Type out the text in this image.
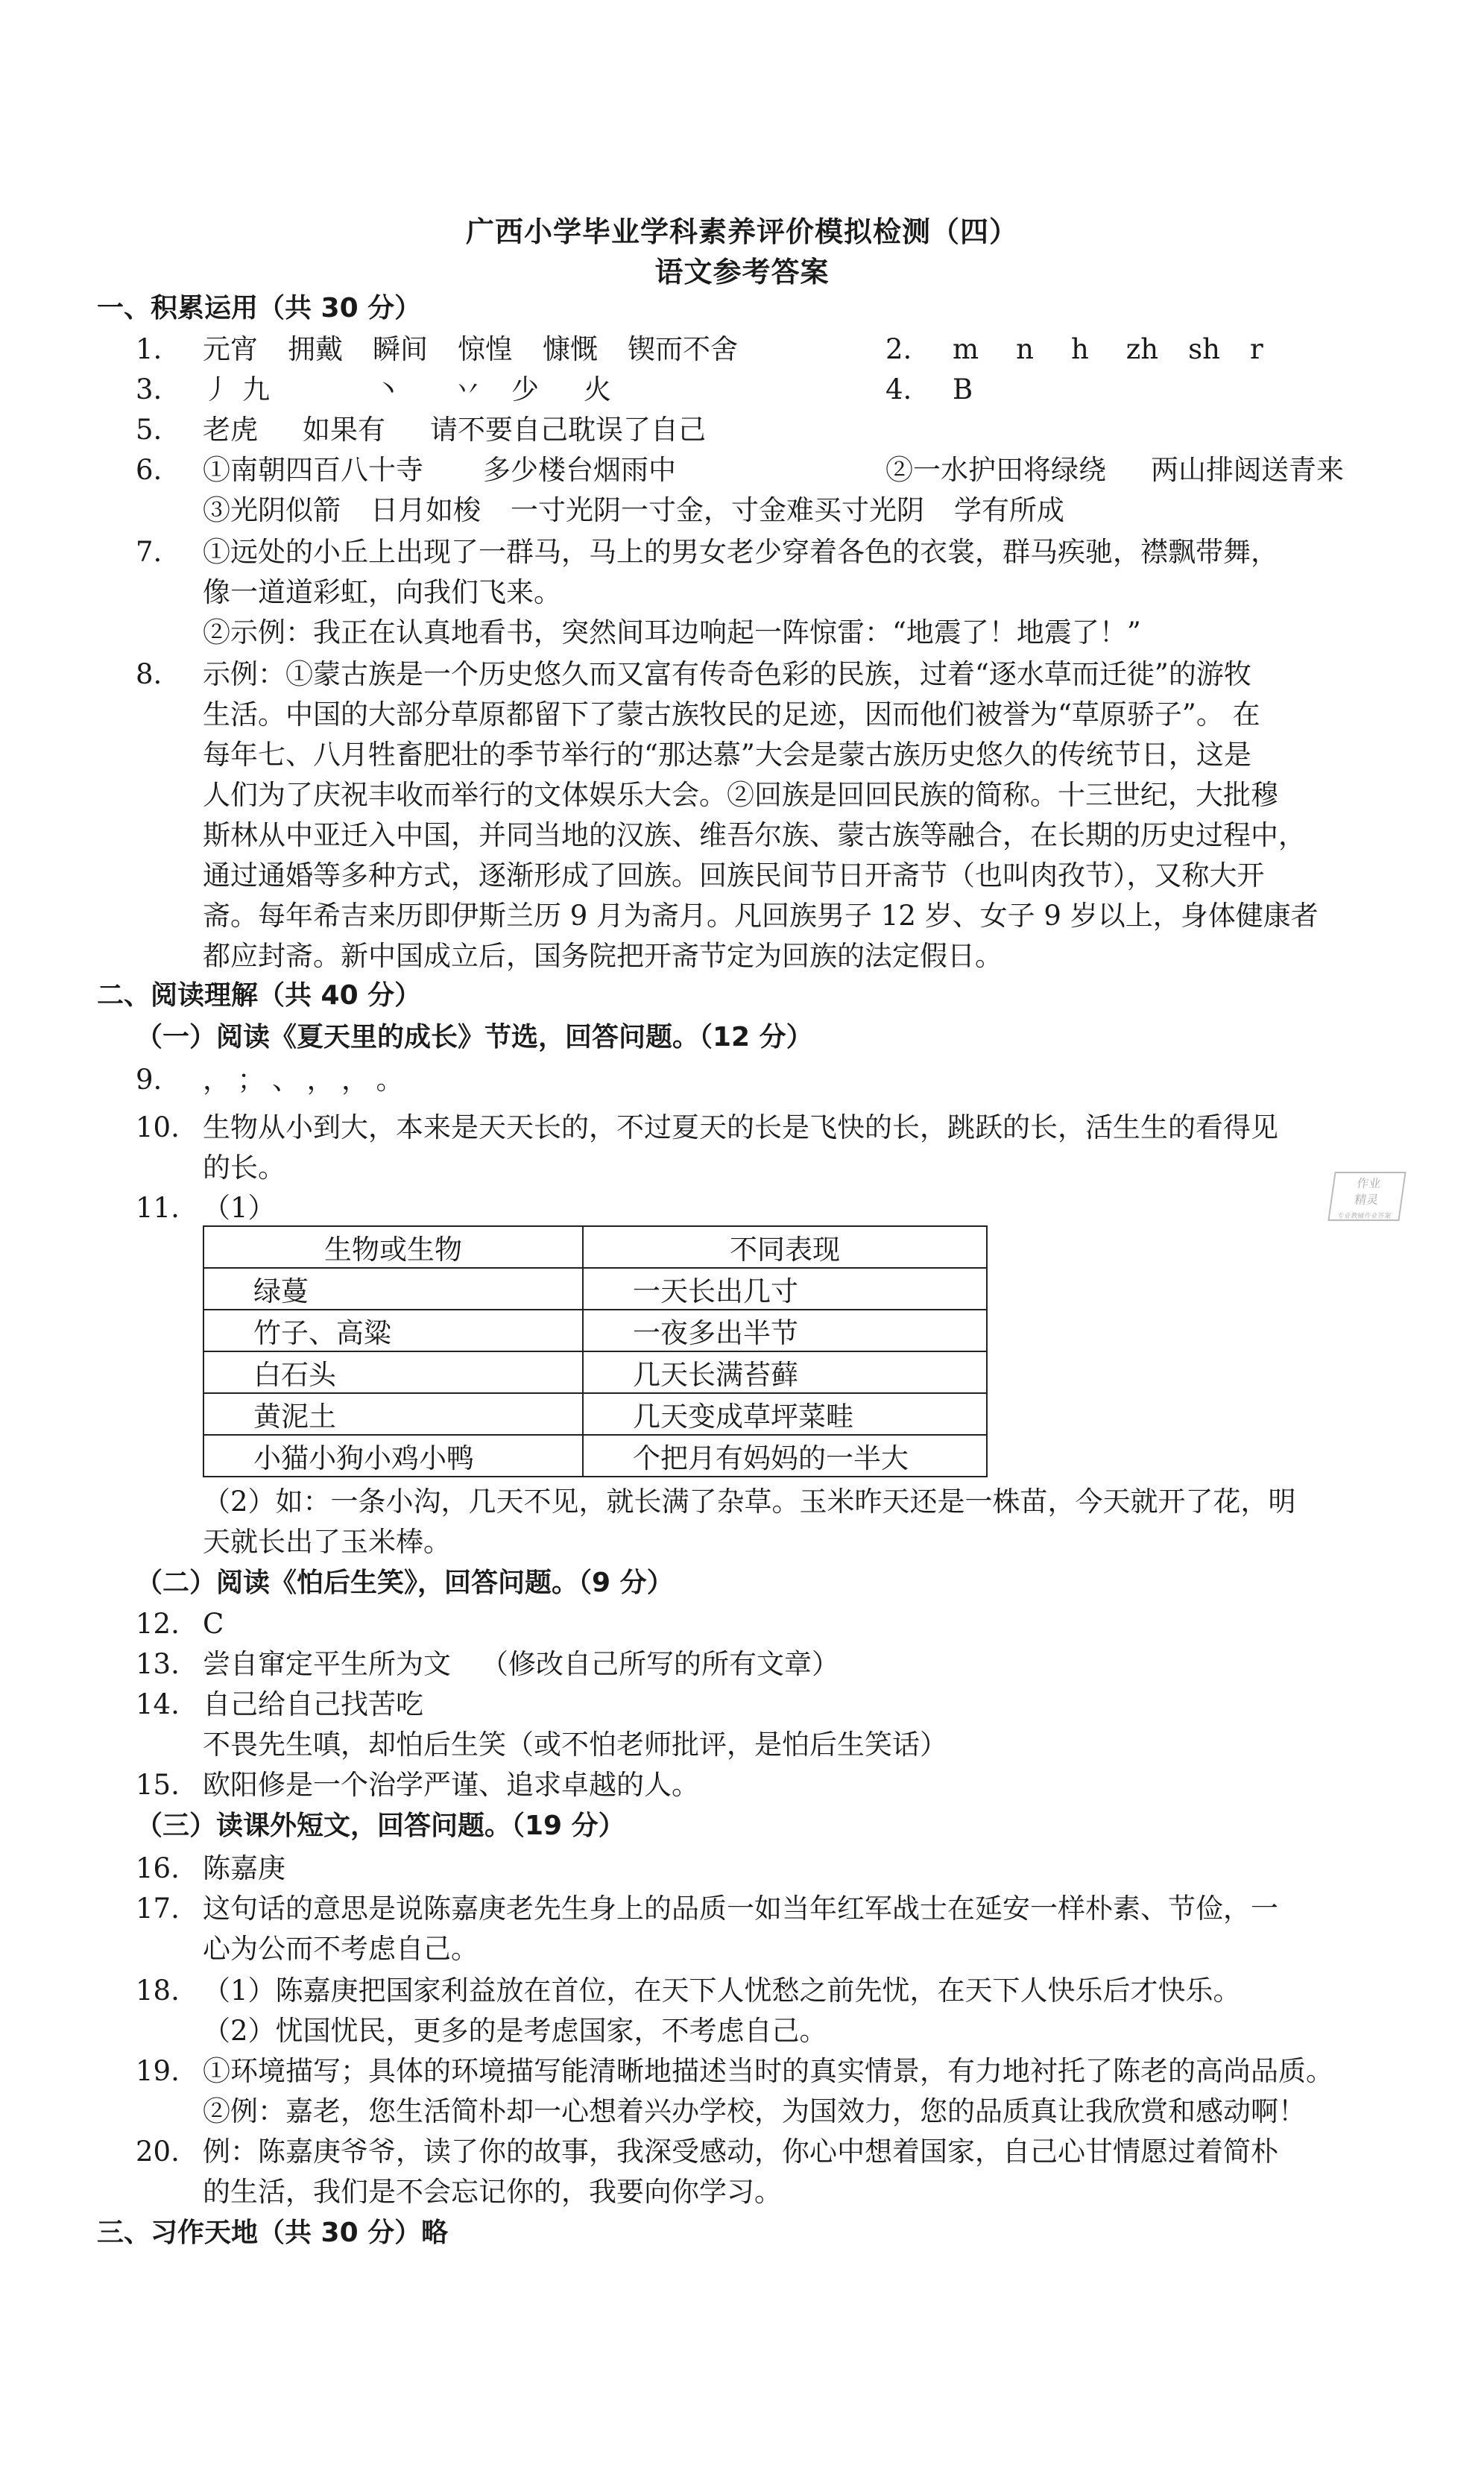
广西小学毕业学科素养评价模拟检测（四）
语文参考答案
一、积累运用（共 30 分）
1. 元宵 拥戴 瞬间 惊惶 慷慨 锲而不舍	2. m n h zh sh r
3. 丿 九	丶 丷 少 火	4. B
5. 老虎 如果有 请不要自己耽误了自己
6. ①南朝四百八十寺 多少楼台烟雨中	②一水护田将绿绕 两山排闼送青来
③光阴似箭 日月如梭 一寸光阴一寸金，寸金难买寸光阴 学有所成
7. ①远处的小丘上出现了一群马，马上的男女老少穿着各色的衣裳，群马疾驰，襟飘带舞，
像一道道彩虹，向我们飞来。
②示例：我正在认真地看书，突然间耳边响起一阵惊雷：“地震了！地震了！”
8. 示例：①蒙古族是一个历史悠久而又富有传奇色彩的民族，过着“逐水草而迁徙”的游牧
生活。中国的大部分草原都留下了蒙古族牧民的足迹，因而他们被誉为“草原骄子”。 在
每年七、八月牲畜肥壮的季节举行的“那达慕”大会是蒙古族历史悠久的传统节日，这是
人们为了庆祝丰收而举行的文体娱乐大会。②回族是回回民族的简称。十三世纪，大批穆
斯林从中亚迁入中国，并同当地的汉族、维吾尔族、蒙古族等融合，在长期的历史过程中，
通过通婚等多种方式，逐渐形成了回族。回族民间节日开斋节（也叫肉孜节），又称大开
斋。每年希吉来历即伊斯兰历 9 月为斋月。凡回族男子 12 岁、女子 9 岁以上，身体健康者
都应封斋。新中国成立后，国务院把开斋节定为回族的法定假日。
二、阅读理解（共 40 分）
（一）阅读《夏天里的成长》节选，回答问题。（12 分）
9. ，；、，，。
10. 生物从小到大，本来是天天长的，不过夏天的长是飞快的长，跳跃的长，活生生的看得见
的长。
11. （1）
生物或生物	不同表现
绿蔓	一天长出几寸
竹子、高粱	一夜多出半节
白石头	几天长满苔藓
黄泥土	几天变成草坪菜畦
小猫小狗小鸡小鸭	个把月有妈妈的一半大
（2）如：一条小沟，几天不见，就长满了杂草。玉米昨天还是一株苗，今天就开了花，明
天就长出了玉米棒。
（二）阅读《怕后生笑》，回答问题。（9 分）
12. C
13. 尝自窜定平生所为文 （修改自己所写的所有文章）
14. 自己给自己找苦吃
不畏先生嗔，却怕后生笑（或不怕老师批评，是怕后生笑话）
15. 欧阳修是一个治学严谨、追求卓越的人。
（三）读课外短文，回答问题。（19 分）
16. 陈嘉庚
17. 这句话的意思是说陈嘉庚老先生身上的品质一如当年红军战士在延安一样朴素、节俭，一
心为公而不考虑自己。
18. （1）陈嘉庚把国家利益放在首位，在天下人忧愁之前先忧，在天下人快乐后才快乐。
（2）忧国忧民，更多的是考虑国家，不考虑自己。
19. ①环境描写；具体的环境描写能清晰地描述当时的真实情景，有力地衬托了陈老的高尚品质。
②例：嘉老，您生活简朴却一心想着兴办学校，为国效力，您的品质真让我欣赏和感动啊！
20. 例：陈嘉庚爷爷，读了你的故事，我深受感动，你心中想着国家，自己心甘情愿过着简朴
的生活，我们是不会忘记你的，我要向你学习。
三、习作天地（共 30 分）略
作业
精灵
专业教辅作业答案
